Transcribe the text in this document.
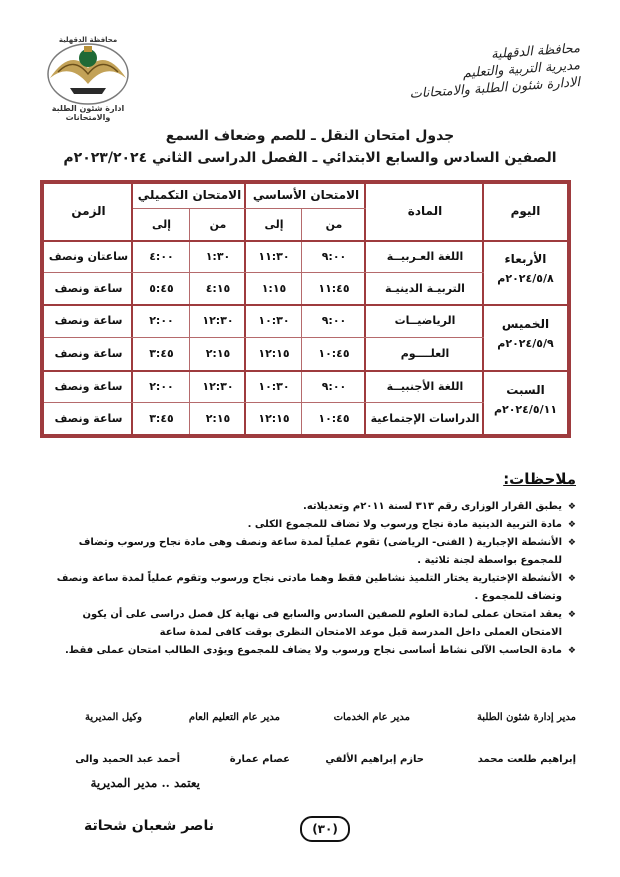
محافظة الدقهلية
مديرية التربية والتعليم
الادارة شئون الطلبة والامتحانات
محافظة الدقهلية
ادارة شئون الطلبة والامتحانات
جدول امتحان النقل ـ للصم وضعاف السمع
الصفين السادس والسابع الابتدائي ـ الفصل الدراسى الثاني ٢٠٢٣/٢٠٢٤م
اليوم
المادة
الامتحان الأساسي
الامتحان التكميلي
من
إلى
من
إلى
الزمن
الأربعاء
٢٠٢٤/٥/٨م
اللغة العـربيــة
٩:٠٠
١١:٣٠
١:٣٠
٤:٠٠
ساعتان ونصف
التربيـة الدينيـة
١١:٤٥
١:١٥
٤:١٥
٥:٤٥
ساعة ونصف
الخميس
٢٠٢٤/٥/٩م
الرياضيــات
٩:٠٠
١٠:٣٠
١٢:٣٠
٢:٠٠
ساعة ونصف
العلــــوم
١٠:٤٥
١٢:١٥
٢:١٥
٣:٤٥
ساعة ونصف
السبت
٢٠٢٤/٥/١١م
اللغة الأجنبيــة
٩:٠٠
١٠:٣٠
١٢:٣٠
٢:٠٠
ساعة ونصف
الدراسات الإجتماعية
١٠:٤٥
١٢:١٥
٢:١٥
٣:٤٥
ساعة ونصف
ملاحظات:
❖
يطبق القرار الوزارى رقم ٣١٣ لسنة ٢٠١١م وتعديلاته.
❖
مادة التربية الدينية مادة نجاح ورسوب ولا تضاف للمجموع الكلى .
❖
الأنشطة الإجبارية ( الفنى- الرياضى) تقوم عملياً لمدة ساعة ونصف وهى مادة نجاح ورسوب وتضاف للمجموع بواسطة لجنة ثلاثية .
❖
الأنشطة الإختيارية يختار التلميذ نشاطين فقط وهما مادتى نجاح ورسوب وتقوم عملياً لمدة ساعة ونصف وتضاف للمجموع .
❖
يعقد امتحان عملى لمادة العلوم للصفين السادس والسابع فى نهاية كل فصل دراسى على أن يكون الامتحان العملى داخل المدرسة قبل موعد الامتحان النظرى بوقت كافى لمدة ساعة
❖
مادة الحاسب الآلى نشاط أساسى نجاح ورسوب ولا يضاف للمجموع ويؤدى الطالب امتحان عملى فقط.
مدير إدارة شئون الطلبة
مدير عام الخدمات
مدير عام التعليم العام
وكيل المديرية
إبراهيم طلعت محمد
حازم إبراهيم الألفي
عصام عمارة
أحمد عبد الحميد والى
يعتمد .. مدير المديرية
(٣٠)
ناصر شعبان شحاتة
